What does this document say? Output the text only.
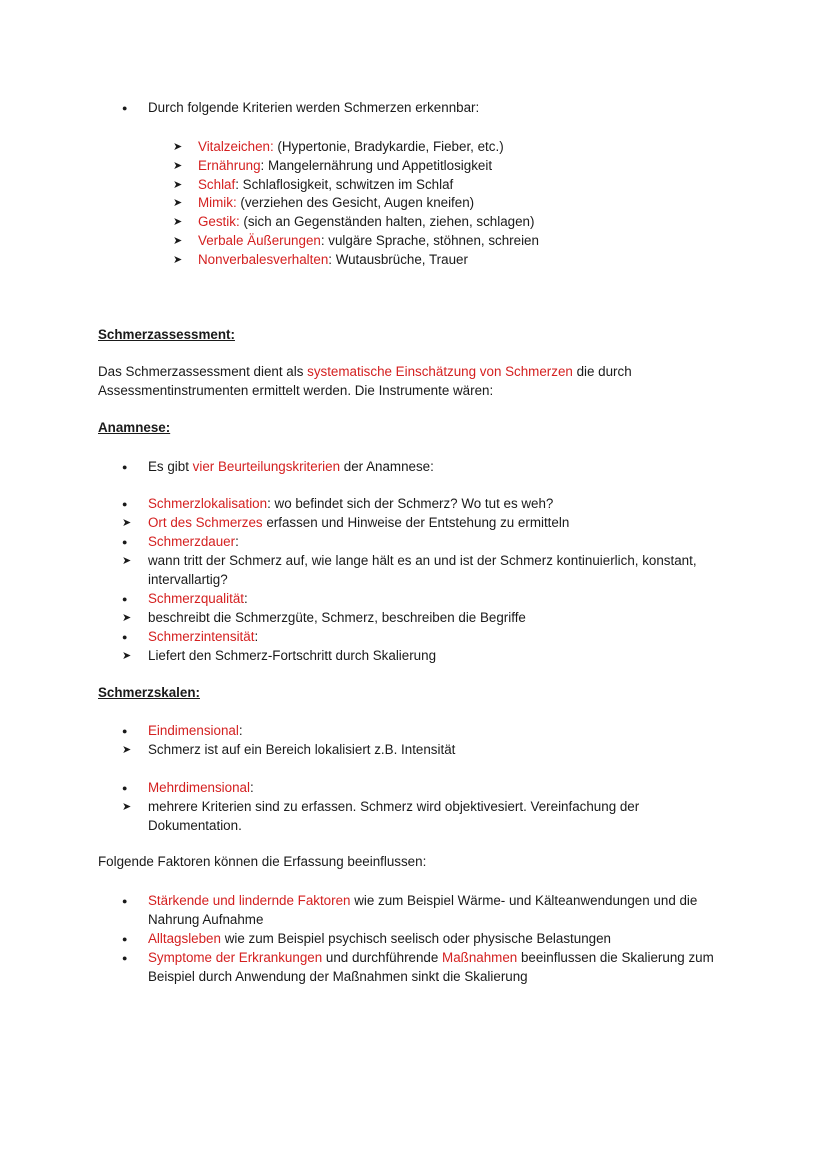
Durch folgende Kriterien werden Schmerzen erkennbar:
➤ Vitalzeichen: (Hypertonie, Bradykardie, Fieber, etc.)
➤ Ernährung: Mangelernährung und Appetitlosigkeit
➤ Schlaf: Schlaflosigkeit, schwitzen im Schlaf
➤ Mimik: (verziehen des Gesicht, Augen kneifen)
➤ Gestik: (sich an Gegenständen halten, ziehen, schlagen)
➤ Verbale Äußerungen: vulgäre Sprache, stöhnen, schreien
➤ Nonverbalesverhalten: Wutausbrüche, Trauer
Schmerzassessment:
Das Schmerzassessment dient als systematische Einschätzung von Schmerzen die durch Assessmentinstrumenten ermittelt werden. Die Instrumente wären:
Anamnese:
Es gibt vier Beurteilungskriterien der Anamnese:
Schmerzlokalisation: wo befindet sich der Schmerz? Wo tut es weh?
➤ Ort des Schmerzes erfassen und Hinweise der Entstehung zu ermitteln
Schmerzdauer:
➤ wann tritt der Schmerz auf, wie lange hält es an und ist der Schmerz kontinuierlich, konstant, intervallartig?
Schmerzqualität:
➤ beschreibt die Schmerzgüte, Schmerz, beschreiben die Begriffe
Schmerzintensität:
➤ Liefert den Schmerz-Fortschritt durch Skalierung
Schmerzskalen:
Eindimensional:
➤ Schmerz ist auf ein Bereich lokalisiert z.B. Intensität
Mehrdimensional:
➤ mehrere Kriterien sind zu erfassen. Schmerz wird objektivesiert. Vereinfachung der Dokumentation.
Folgende Faktoren können die Erfassung beeinflussen:
Stärkende und lindernde Faktoren wie zum Beispiel Wärme- und Kälteanwendungen und die Nahrung Aufnahme
Alltagsleben wie zum Beispiel psychisch seelisch oder physische Belastungen
Symptome der Erkrankungen und durchführende Maßnahmen beeinflussen die Skalierung zum Beispiel durch Anwendung der Maßnahmen sinkt die Skalierung
